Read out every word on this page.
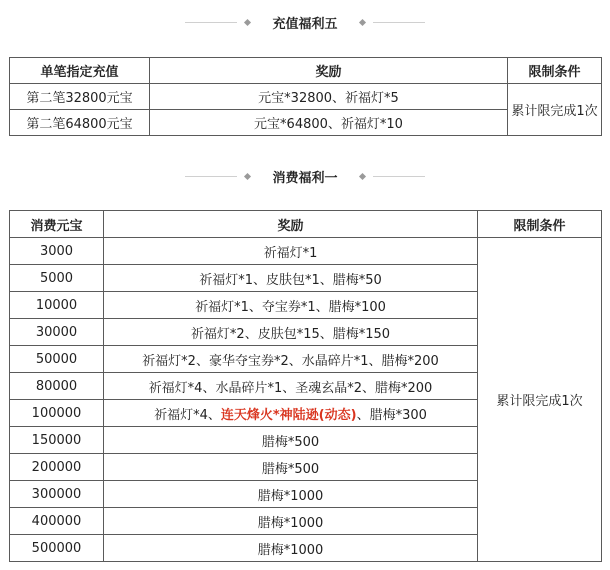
充值福利五
单笔指定充值	奖励	限制条件
第二笔32800元宝	元宝*32800、祈福灯*5	累计限完成1次
第二笔64800元宝	元宝*64800、祈福灯*10	
消费福利一
消费元宝	奖励	限制条件
3000	祈福灯*1	累计限完成1次
5000	祈福灯*1、皮肤包*1、腊梅*50	
10000	祈福灯*1、夺宝券*1、腊梅*100	
30000	祈福灯*2、皮肤包*15、腊梅*150	
50000	祈福灯*2、豪华夺宝券*2、水晶碎片*1、腊梅*200	
80000	祈福灯*4、水晶碎片*1、圣魂玄晶*2、腊梅*200	
100000	祈福灯*4、连天烽火*神陆逊(动态)、腊梅*300	
150000	腊梅*500	
200000	腊梅*500	
300000	腊梅*1000	
400000	腊梅*1000	
500000	腊梅*1000	
